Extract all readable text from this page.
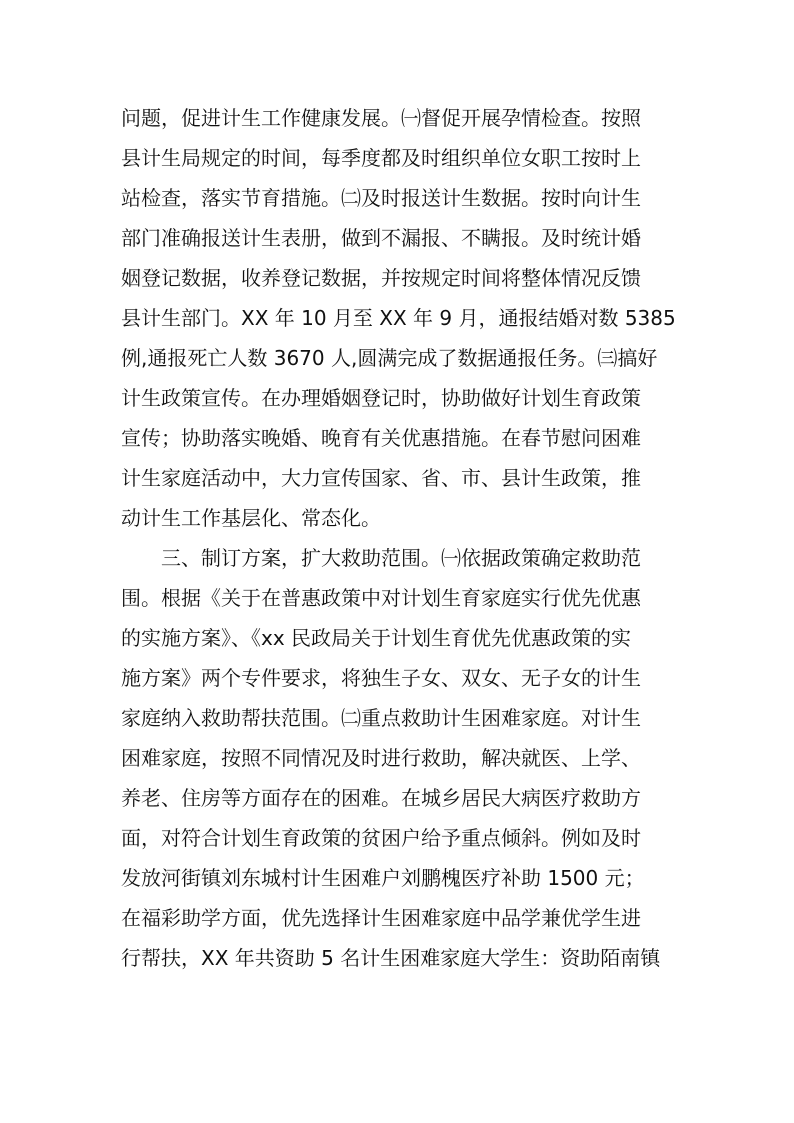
问题，促进计生工作健康发展。㈠督促开展孕情检查。按照
县计生局规定的时间，每季度都及时组织单位女职工按时上
站检查，落实节育措施。㈡及时报送计生数据。按时向计生
部门准确报送计生表册，做到不漏报、不瞒报。及时统计婚
姻登记数据，收养登记数据，并按规定时间将整体情况反馈
县计生部门。XX 年 10 月至 XX 年 9 月，通报结婚对数 5385
例,通报死亡人数 3670 人,圆满完成了数据通报任务。㈢搞好
计生政策宣传。在办理婚姻登记时，协助做好计划生育政策
宣传；协助落实晚婚、晚育有关优惠措施。在春节慰问困难
计生家庭活动中，大力宣传国家、省、市、县计生政策，推
动计生工作基层化、常态化。
三、制订方案，扩大救助范围。㈠依据政策确定救助范
围。根据《关于在普惠政策中对计划生育家庭实行优先优惠
的实施方案》、《xx 民政局关于计划生育优先优惠政策的实
施方案》两个专件要求，将独生子女、双女、无子女的计生
家庭纳入救助帮扶范围。㈡重点救助计生困难家庭。对计生
困难家庭，按照不同情况及时进行救助，解决就医、上学、
养老、住房等方面存在的困难。在城乡居民大病医疗救助方
面，对符合计划生育政策的贫困户给予重点倾斜。例如及时
发放河街镇刘东城村计生困难户刘鹏槐医疗补助 1500 元；
在福彩助学方面，优先选择计生困难家庭中品学兼优学生进
行帮扶，XX 年共资助 5 名计生困难家庭大学生：资助陌南镇
